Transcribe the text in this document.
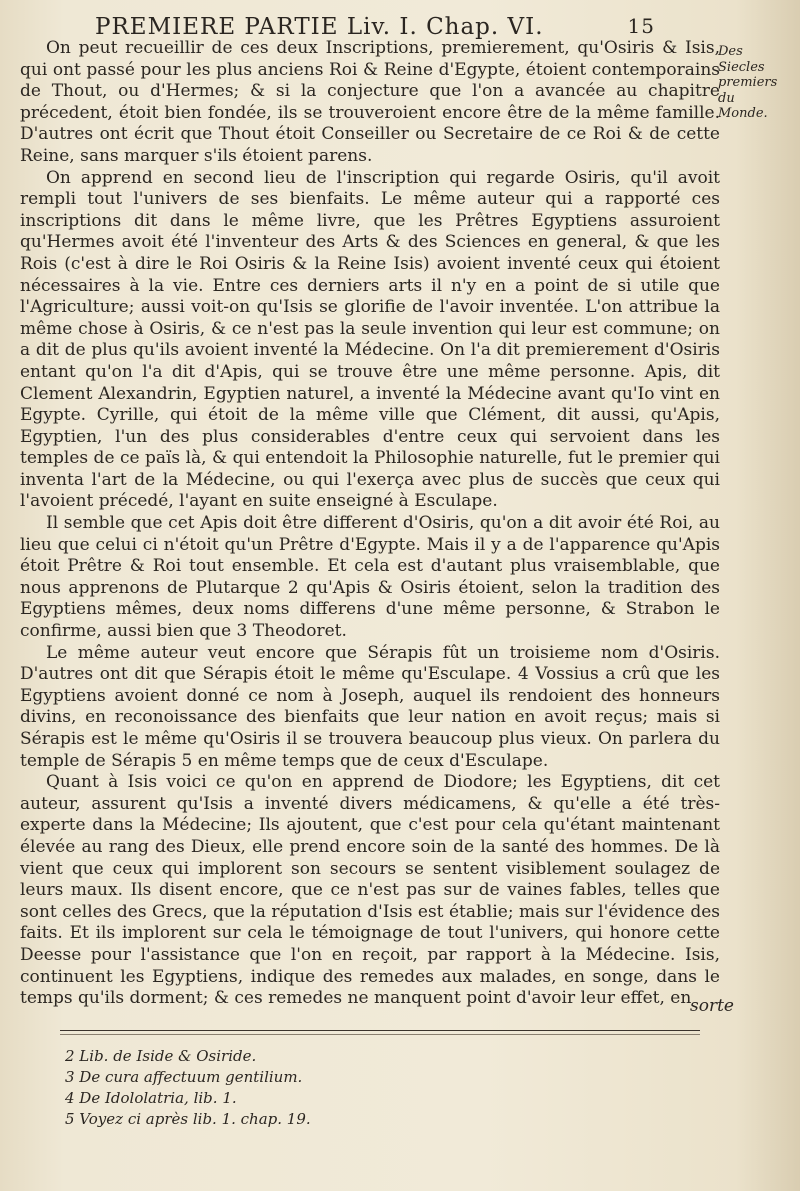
PREMIERE PARTIE Liv. I. Chap. VI.	15
Des Siecles premiers du Monde.

On peut recueillir de ces deux Inscriptions, premierement, qu'Osiris & Isis, qui ont passé pour les plus anciens Roi & Reine d'Egypte, étoient contemporains de Thout, ou d'Hermes; & si la conjecture que l'on a avancée au chapitre précedent, étoit bien fondée, ils se trouveroient encore être de la même famille. D'autres ont écrit que Thout étoit Conseiller ou Secretaire de ce Roi & de cette Reine, sans marquer s'ils étoient parens.

On apprend en second lieu de l'inscription qui regarde Osiris, qu'il avoit rempli tout l'univers de ses bienfaits. Le même auteur qui a rapporté ces inscriptions dit dans le même livre, que les Prêtres Egyptiens assuroient qu'Hermes avoit été l'inventeur des Arts & des Sciences en general, & que les Rois (c'est à dire le Roi Osiris & la Reine Isis) avoient inventé ceux qui étoient nécessaires à la vie. Entre ces derniers arts il n'y en a point de si utile que l'Agriculture; aussi voit-on qu'Isis se glorifie de l'avoir inventée. L'on attribue la même chose à Osiris, & ce n'est pas la seule invention qui leur est commune; on a dit de plus qu'ils avoient inventé la Médecine. On l'a dit premierement d'Osiris entant qu'on l'a dit d'Apis, qui se trouve être une même personne. Apis, dit Clement Alexandrin, Egyptien naturel, a inventé la Médecine avant qu'Io vint en Egypte. Cyrille, qui étoit de la même ville que Clément, dit aussi, qu'Apis, Egyptien, l'un des plus considerables d'entre ceux qui servoient dans les temples de ce païs là, & qui entendoit la Philosophie naturelle, fut le premier qui inventa l'art de la Médecine, ou qui l'exerça avec plus de succès que ceux qui l'avoient précedé, l'ayant en suite enseigné à Esculape.

Il semble que cet Apis doit être different d'Osiris, qu'on a dit avoir été Roi, au lieu que celui ci n'étoit qu'un Prêtre d'Egypte. Mais il y a de l'apparence qu'Apis étoit Prêtre & Roi tout ensemble. Et cela est d'autant plus vraisemblable, que nous apprenons de Plutarque 2 qu'Apis & Osiris étoient, selon la tradition des Egyptiens mêmes, deux noms differens d'une même personne, & Strabon le confirme, aussi bien que 3 Theodoret.

Le même auteur veut encore que Sérapis fût un troisieme nom d'Osiris. D'autres ont dit que Sérapis étoit le même qu'Esculape. 4 Vossius a crû que les Egyptiens avoient donné ce nom à Joseph, auquel ils rendoient des honneurs divins, en reconoissance des bienfaits que leur nation en avoit reçus; mais si Sérapis est le même qu'Osiris il se trouvera beaucoup plus vieux. On parlera du temple de Sérapis 5 en même temps que de ceux d'Esculape.

Quant à Isis voici ce qu'on en apprend de Diodore; les Egyptiens, dit cet auteur, assurent qu'Isis a inventé divers médicamens, & qu'elle a été très-experte dans la Médecine; Ils ajoutent, que c'est pour cela qu'étant maintenant élevée au rang des Dieux, elle prend encore soin de la santé des hommes. De là vient que ceux qui implorent son secours se sentent visiblement soulagez de leurs maux. Ils disent encore, que ce n'est pas sur de vaines fables, telles que sont celles des Grecs, que la réputation d'Isis est établie; mais sur l'évidence des faits. Et ils implorent sur cela le témoignage de tout l'univers, qui honore cette Deesse pour l'assistance que l'on en reçoit, par rapport à la Médecine. Isis, continuent les Egyptiens, indique des remedes aux malades, en songe, dans le temps qu'ils dorment; & ces remedes ne manquent point d'avoir leur effet, en

sorte
2 Lib. de Iside & Osiride.
3 De cura affectuum gentilium.
4 De Idololatria, lib. 1.
5 Voyez ci après lib. 1. chap. 19.
